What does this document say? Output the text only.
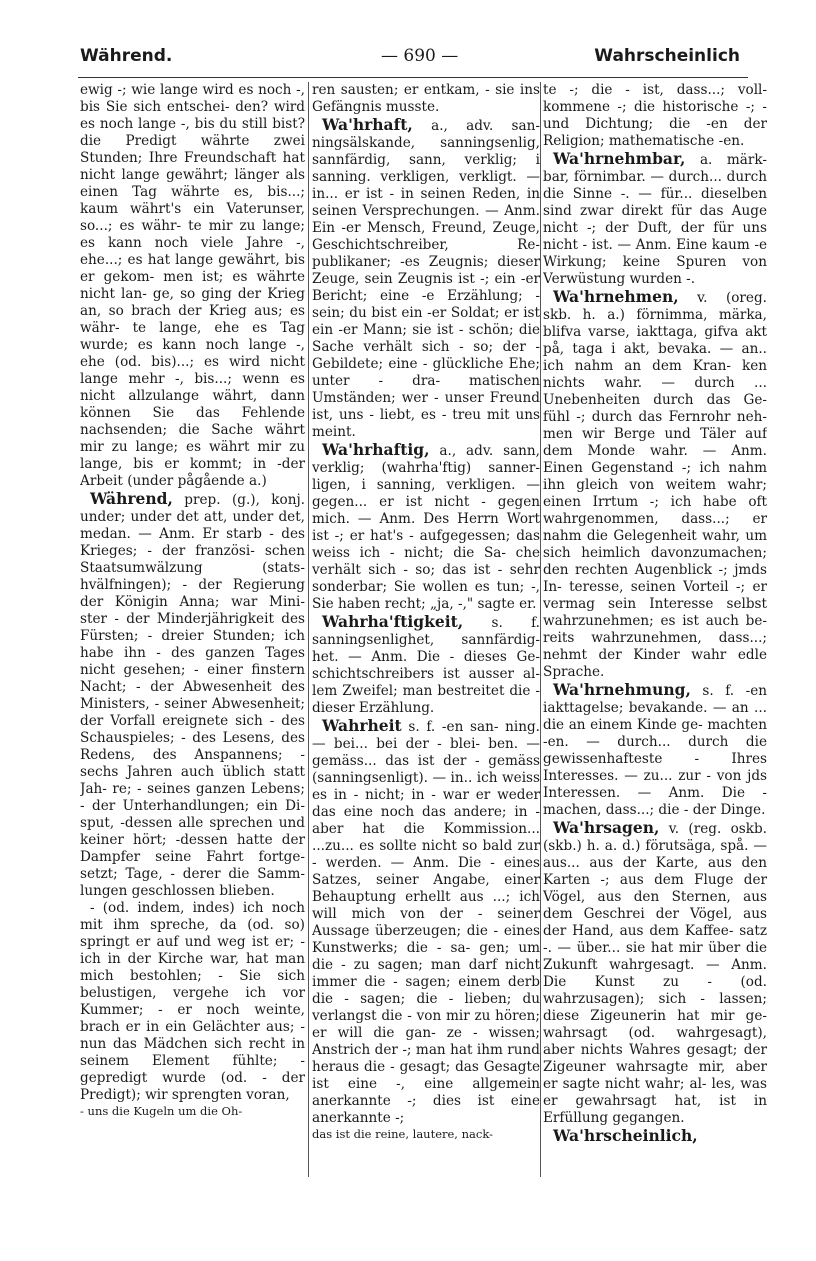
Während.	— 690 —	Wahrscheinlich

ewig -; wie lange wird es noch -, bis Sie sich entschei- den? wird es noch lange -, bis du still bist? die Predigt währte zwei Stunden; Ihre Freundschaft hat nicht lange gewährt; länger als einen Tag währte es, bis...; kaum währt's ein Vaterunser, so...; es währ- te mir zu lange; es kann noch viele Jahre -, ehe...; es hat lange gewährt, bis er gekom- men ist; es währte nicht lan- ge, so ging der Krieg an, so brach der Krieg aus; es währ- te lange, ehe es Tag wurde; es kann noch lange -, ehe (od. bis)...; es wird nicht lange mehr -, bis...; wenn es nicht allzulange währt, dann können Sie das Fehlende nachsenden; die Sache währt mir zu lange; es währt mir zu lange, bis er kommt; in -der Arbeit (under pågående a.)

Während, prep. (g.), konj. under; under det att, under det, medan. — Anm. Er starb - des Krieges; - der französi- schen Staatsumwälzung (stats- hvälfningen); - der Regierung der Königin Anna; war Mini- ster - der Minderjährigkeit des Fürsten; - dreier Stunden; ich habe ihn - des ganzen Tages nicht gesehen; - einer finstern Nacht; - der Abwesenheit des Ministers, - seiner Abwesenheit; der Vorfall ereignete sich - des Schauspieles; - des Lesens, des Redens, des Anspannens; - sechs Jahren auch üblich statt Jah- re; - seines ganzen Lebens; - der Unterhandlungen; ein Di- sput, -dessen alle sprechen und keiner hört; -dessen hatte der Dampfer seine Fahrt fortge- setzt; Tage, - derer die Samm- lungen geschlossen blieben.

- (od. indem, indes) ich noch mit ihm spreche, da (od. so) springt er auf und weg ist er; - ich in der Kirche war, hat man mich bestohlen; - Sie sich belustigen, vergehe ich vor Kummer; - er noch weinte, brach er in ein Gelächter aus; - nun das Mädchen sich recht in seinem Element fühlte; - gepredigt wurde (od. - der Predigt); wir sprengten voran,

- uns die Kugeln um die Oh-

ren sausten; er entkam, - sie ins Gefängnis musste.

Wa'hrhaft, a., adv. san- ningsälskande, sanningsenlig, sannfärdig, sann, verklig; i sanning. verkligen, verkligt. — in... er ist - in seinen Reden, in seinen Versprechungen. — Anm. Ein -er Mensch, Freund, Zeuge, Geschichtschreiber, Re- publikaner; -es Zeugnis; dieser Zeuge, sein Zeugnis ist -; ein -er Bericht; eine -e Erzählung; - sein; du bist ein -er Soldat; er ist ein -er Mann; sie ist - schön; die Sache verhält sich - so; der - Gebildete; eine - glückliche Ehe; unter - dra- matischen Umständen; wer - unser Freund ist, uns - liebt, es - treu mit uns meint.

Wa'hrhaftig, a., adv. sann, verklig; (wahrha'ftig) sanner- ligen, i sanning, verkligen. — gegen... er ist nicht - gegen mich. — Anm. Des Herrn Wort ist -; er hat's - aufgegessen; das weiss ich - nicht; die Sa- che verhält sich - so; das ist - sehr sonderbar; Sie wollen es tun; -, Sie haben recht; „ja, -," sagte er.

Wahrha'ftigkeit, s. f. sanningsenlighet, sannfärdig- het. — Anm. Die - dieses Ge- schichtschreibers ist ausser al- lem Zweifel; man bestreitet die - dieser Erzählung.

Wahrheit s. f. -en san- ning. — bei... bei der - blei- ben. — gemäss... das ist der - gemäss (sanningsenligt). — in.. ich weiss es in - nicht; in - war er weder das eine noch das andere; in - aber hat die Kommission... ...zu... es sollte nicht so bald zur - werden. — Anm. Die - eines Satzes, seiner Angabe, einer Behauptung erhellt aus ...; ich will mich von der - seiner Aussage überzeugen; die - eines Kunstwerks; die - sa- gen; um die - zu sagen; man darf nicht immer die - sagen; einem derb die - sagen; die - lieben; du verlangst die - von mir zu hören; er will die gan- ze - wissen; Anstrich der -; man hat ihm rund heraus die - gesagt; das Gesagte ist eine -, eine allgemein anerkannte -; dies ist eine anerkannte -;

das ist die reine, lautere, nack-

te -; die - ist, dass...; voll- kommene -; die historische -; - und Dichtung; die -en der Religion; mathematische -en.

Wa'hrnehmbar, a. märk- bar, förnimbar. — durch... durch die Sinne -. — für... dieselben sind zwar direkt für das Auge nicht -; der Duft, der für uns nicht - ist. — Anm. Eine kaum -e Wirkung; keine Spuren von Verwüstung wurden -.

Wa'hrnehmen, v. (oreg. skb. h. a.) förnimma, märka, blifva varse, iakttaga, gifva akt på, taga i akt, bevaka. — an.. ich nahm an dem Kran- ken nichts wahr. — durch ... Unebenheiten durch das Ge- fühl -; durch das Fernrohr neh- men wir Berge und Täler auf dem Monde wahr. — Anm. Einen Gegenstand -; ich nahm ihn gleich von weitem wahr; einen Irrtum -; ich habe oft wahrgenommen, dass...; er nahm die Gelegenheit wahr, um sich heimlich davonzumachen; den rechten Augenblick -; jmds In- teresse, seinen Vorteil -; er vermag sein Interesse selbst wahrzunehmen; es ist auch be- reits wahrzunehmen, dass...; nehmt der Kinder wahr edle Sprache.

Wa'hrnehmung, s. f. -en iakttagelse; bevakande. — an ... die an einem Kinde ge- machten -en. — durch... durch die gewissenhafteste - Ihres Interesses. — zu... zur - von jds Interessen. — Anm. Die - machen, dass...; die - der Dinge.

Wa'hrsagen, v. (reg. oskb. (skb.) h. a. d.) förutsäga, spå. — aus... aus der Karte, aus den Karten -; aus dem Fluge der Vögel, aus den Sternen, aus dem Geschrei der Vögel, aus der Hand, aus dem Kaffee- satz -. — über... sie hat mir über die Zukunft wahrgesagt. — Anm. Die Kunst zu - (od. wahrzusagen); sich - lassen; diese Zigeunerin hat mir ge- wahrsagt (od. wahrgesagt), aber nichts Wahres gesagt; der Zigeuner wahrsagte mir, aber er sagte nicht wahr; al- les, was er gewahrsagt hat, ist in Erfüllung gegangen.

Wa'hrscheinlich,
